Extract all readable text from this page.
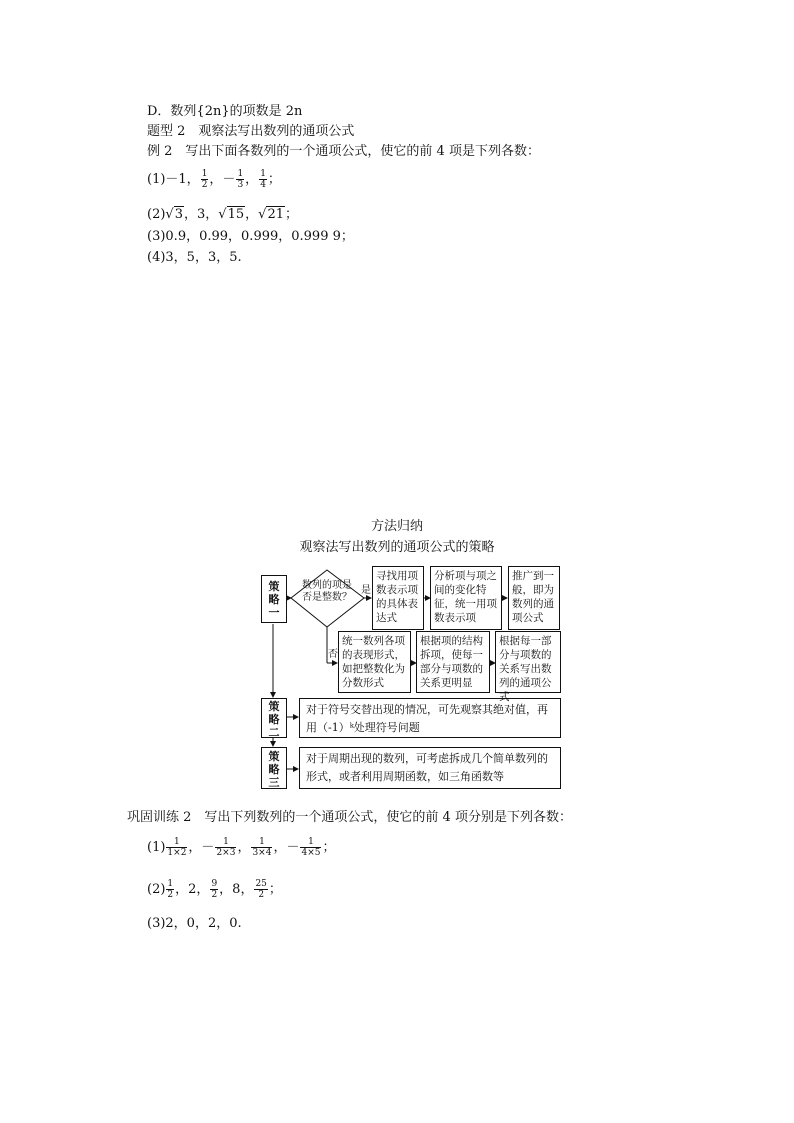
D．数列{2n}的项数是 2n
题型 2　观察法写出数列的通项公式
例 2　写出下面各数列的一个通项公式，使它的前 4 项是下列各数：
(1)－1， $\frac{1}{2}$ ，－ $\frac{1}{3}$ ， $\frac{1}{4}$ ；
(2)√3，3，√15，√21；
(3)0.9，0.99，0.999，0.999 9；
(4)3，5，3，5.
方法归纳
观察法写出数列的通项公式的策略
策
略
一
数列的项是否是整数？
是
否
寻找用项数表示项的具体表达式
分析项与项之间的变化特征，统一用项数表示项
推广到一般，即为数列的通项公式
统一数列各项的表现形式，如把整数化为分数形式
根据项的结构拆项，使每一部分与项数的关系更明显
根据每一部分与项数的关系写出数列的通项公式
策
略
二
对于符号交替出现的情况，可先观察其绝对值，再用（-1）ᵏ处理符号问题
策
略
三
对于周期出现的数列，可考虑拆成几个简单数列的形式，或者利用周期函数，如三角函数等
巩固训练 2　写出下列数列的一个通项公式，使它的前 4 项分别是下列各数：
$(1) \frac{1}{1\times 2}$ ，－ $\frac{1}{2\times 3}$ ， $\frac{1}{3\times 4}$ ，－ $\frac{1}{4\times 5}$ ；
$(2) \frac{1}{2}$ ，2， $\frac{9}{2}$ ，8， $\frac{25}{2}$ ；
(3)2，0，2，0.
